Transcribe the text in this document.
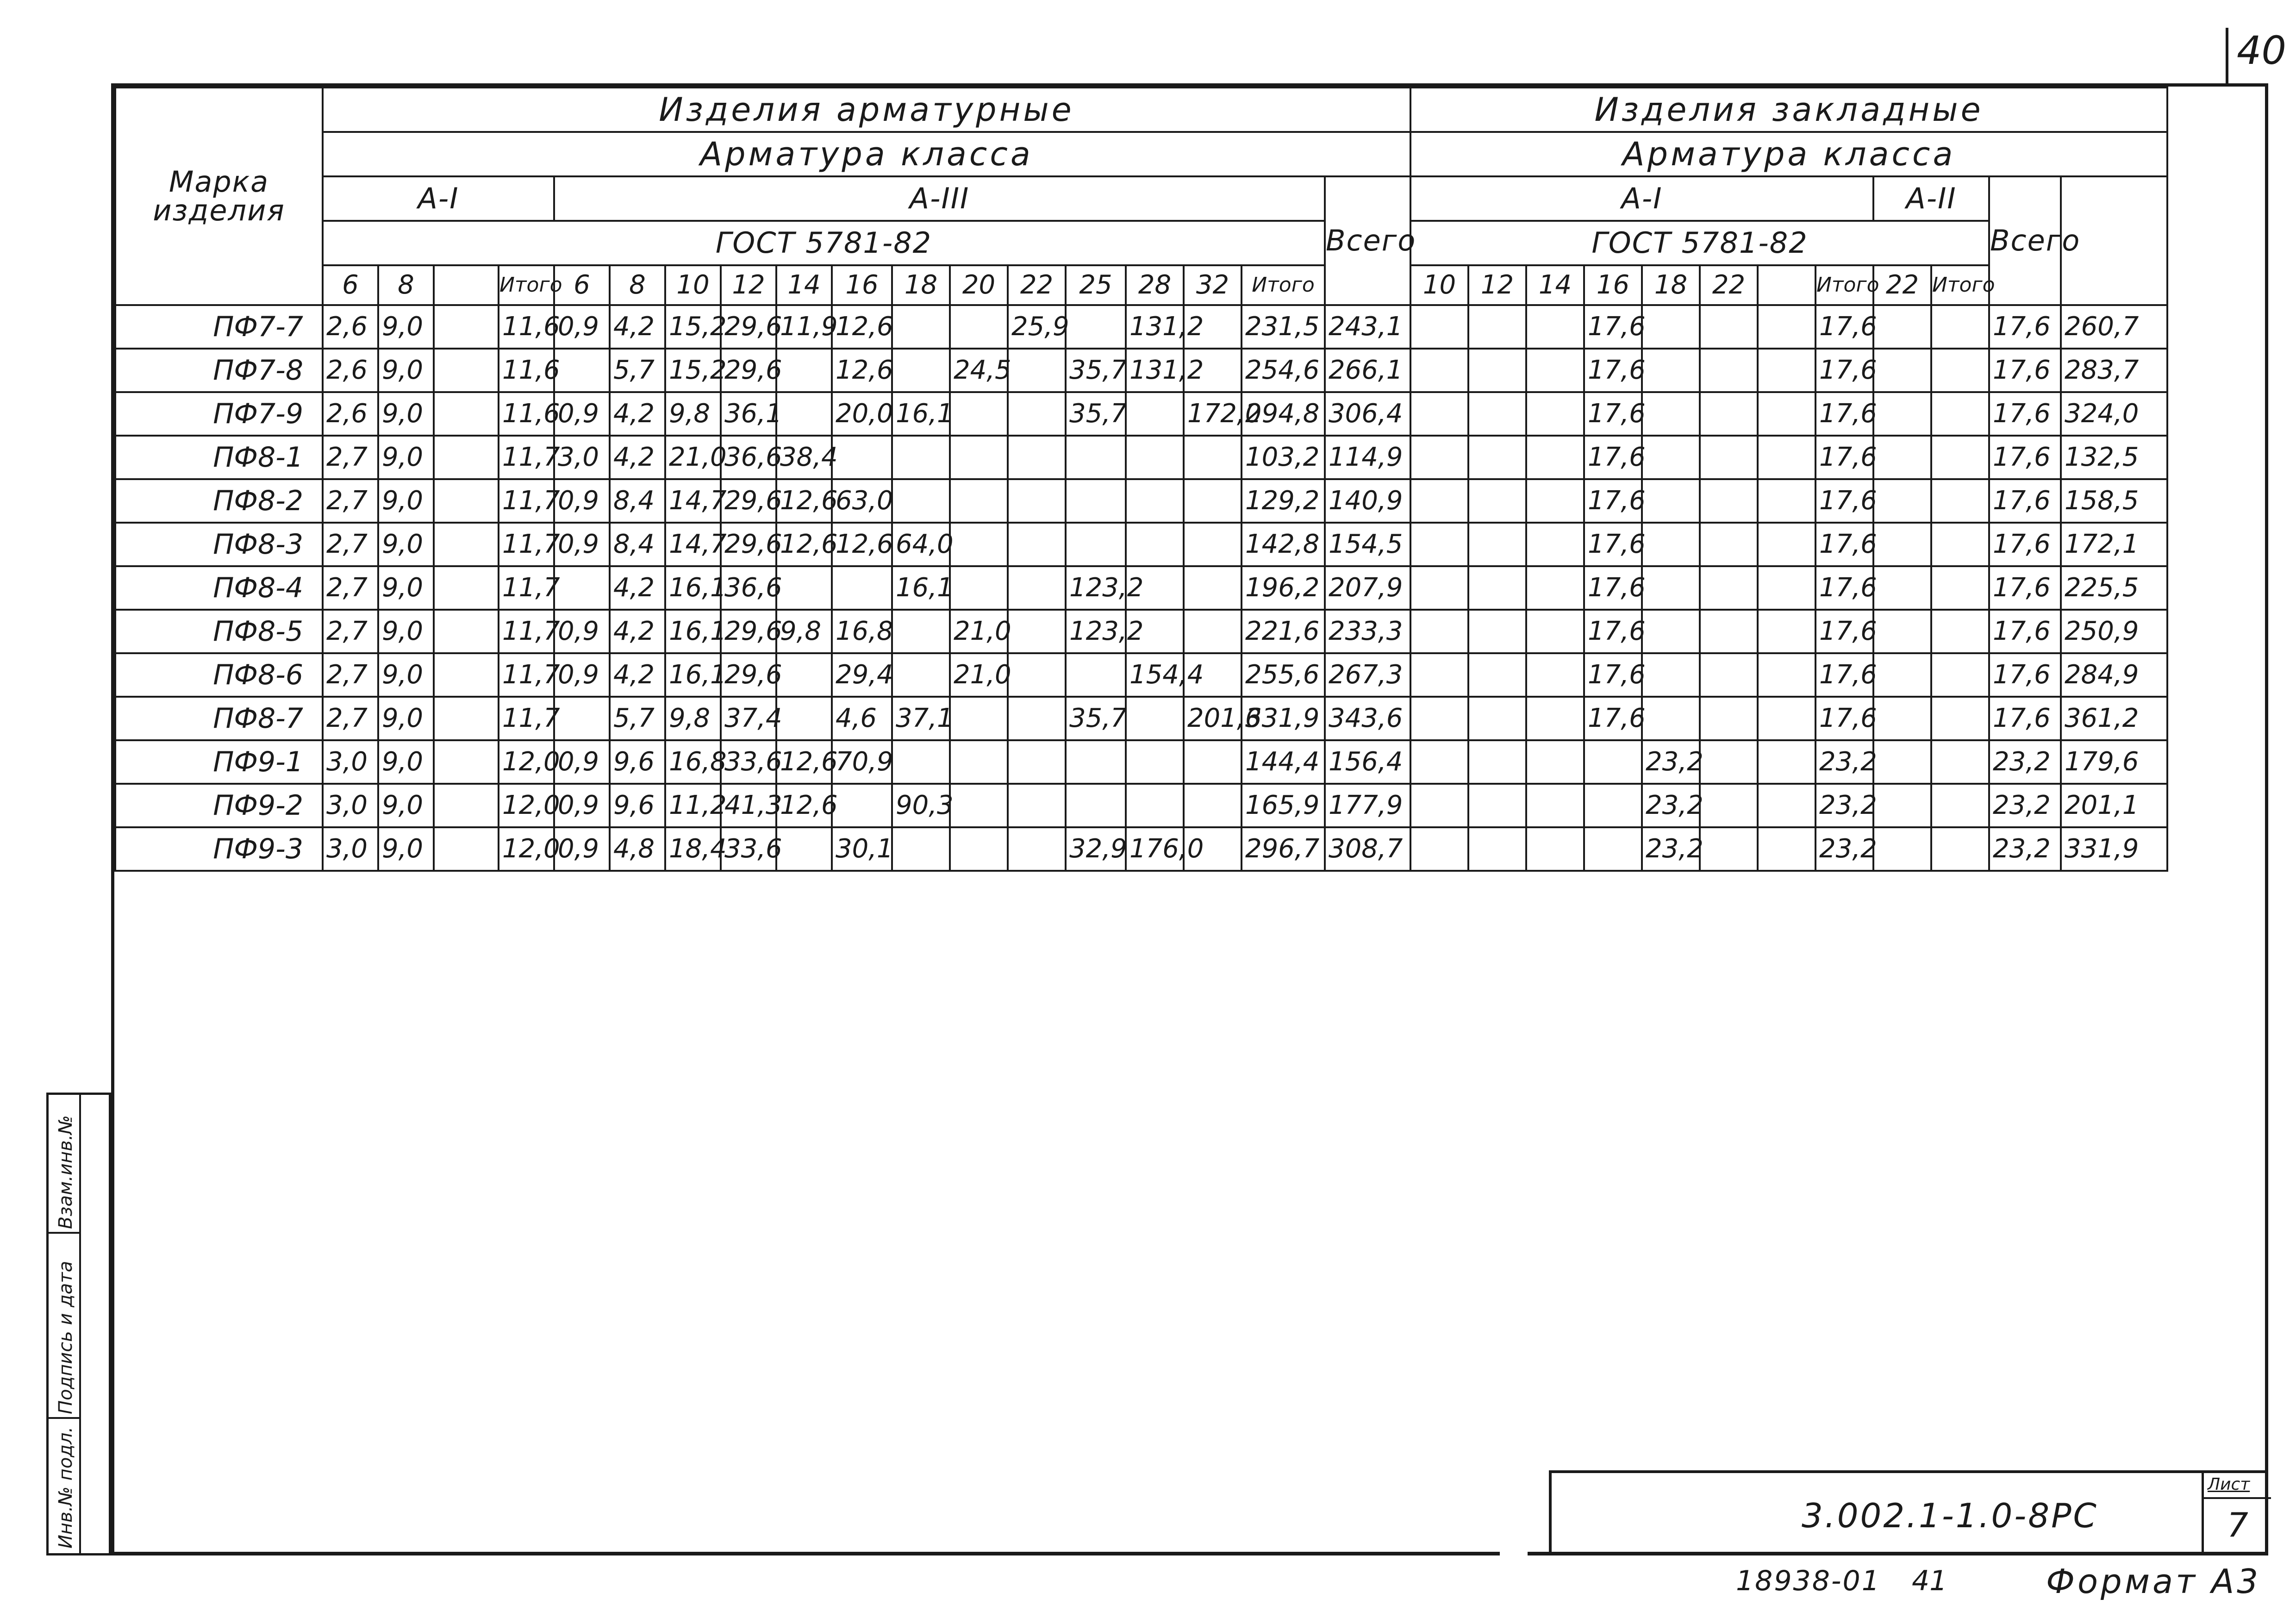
40
Марка изделия	Изделия арматурные																		Изделия закладные	
	Арматура класса																		Арматура класса												
	А-I				А-III													Всего	А-I								А-II		Всего		
	ГОСТ 5781-82																		ГОСТ 5781-82												
	6	8		Итого	6	8	10	12	14	16	18	20	22	25	28	32	Итого		10	12	14	16	18	22		Итого	22	Итого			
ПФ7-7	2,6	9,0		11,6	0,9	4,2	15,2	29,6	11,9	12,6			25,9		131,2		231,5	243,1				17,6				17,6			17,6	260,7	
ПФ7-8	2,6	9,0		11,6		5,7	15,2	29,6		12,6		24,5		35,7	131,2		254,6	266,1				17,6				17,6			17,6	283,7	
ПФ7-9	2,6	9,0		11,6	0,9	4,2	9,8	36,1		20,0	16,1			35,7		172,0	294,8	306,4				17,6				17,6			17,6	324,0	
ПФ8-1	2,7	9,0		11,7	3,0	4,2	21,0	36,6	38,4								103,2	114,9				17,6				17,6			17,6	132,5	
ПФ8-2	2,7	9,0		11,7	0,9	8,4	14,7	29,6	12,6	63,0							129,2	140,9				17,6				17,6			17,6	158,5	
ПФ8-3	2,7	9,0		11,7	0,9	8,4	14,7	29,6	12,6	12,6	64,0						142,8	154,5				17,6				17,6			17,6	172,1	
ПФ8-4	2,7	9,0		11,7		4,2	16,1	36,6			16,1			123,2			196,2	207,9				17,6				17,6			17,6	225,5	
ПФ8-5	2,7	9,0		11,7	0,9	4,2	16,1	29,6	9,8	16,8		21,0		123,2			221,6	233,3				17,6				17,6			17,6	250,9	
ПФ8-6	2,7	9,0		11,7	0,9	4,2	16,1	29,6		29,4		21,0			154,4		255,6	267,3				17,6				17,6			17,6	284,9	
ПФ8-7	2,7	9,0		11,7		5,7	9,8	37,4		4,6	37,1			35,7		201,6	331,9	343,6				17,6				17,6			17,6	361,2	
ПФ9-1	3,0	9,0		12,0	0,9	9,6	16,8	33,6	12,6	70,9							144,4	156,4					23,2			23,2			23,2	179,6	
ПФ9-2	3,0	9,0		12,0	0,9	9,6	11,2	41,3	12,6		90,3						165,9	177,9					23,2			23,2			23,2	201,1	
ПФ9-3	3,0	9,0		12,0	0,9	4,8	18,4	33,6		30,1				32,9	176,0		296,7	308,7					23,2			23,2			23,2	331,9	
Взам.инв.№
Подпись и дата
Инв.№ подл.	3.002.1-1.0-8РС
Лист
7
18938-01 41	Формат А3
